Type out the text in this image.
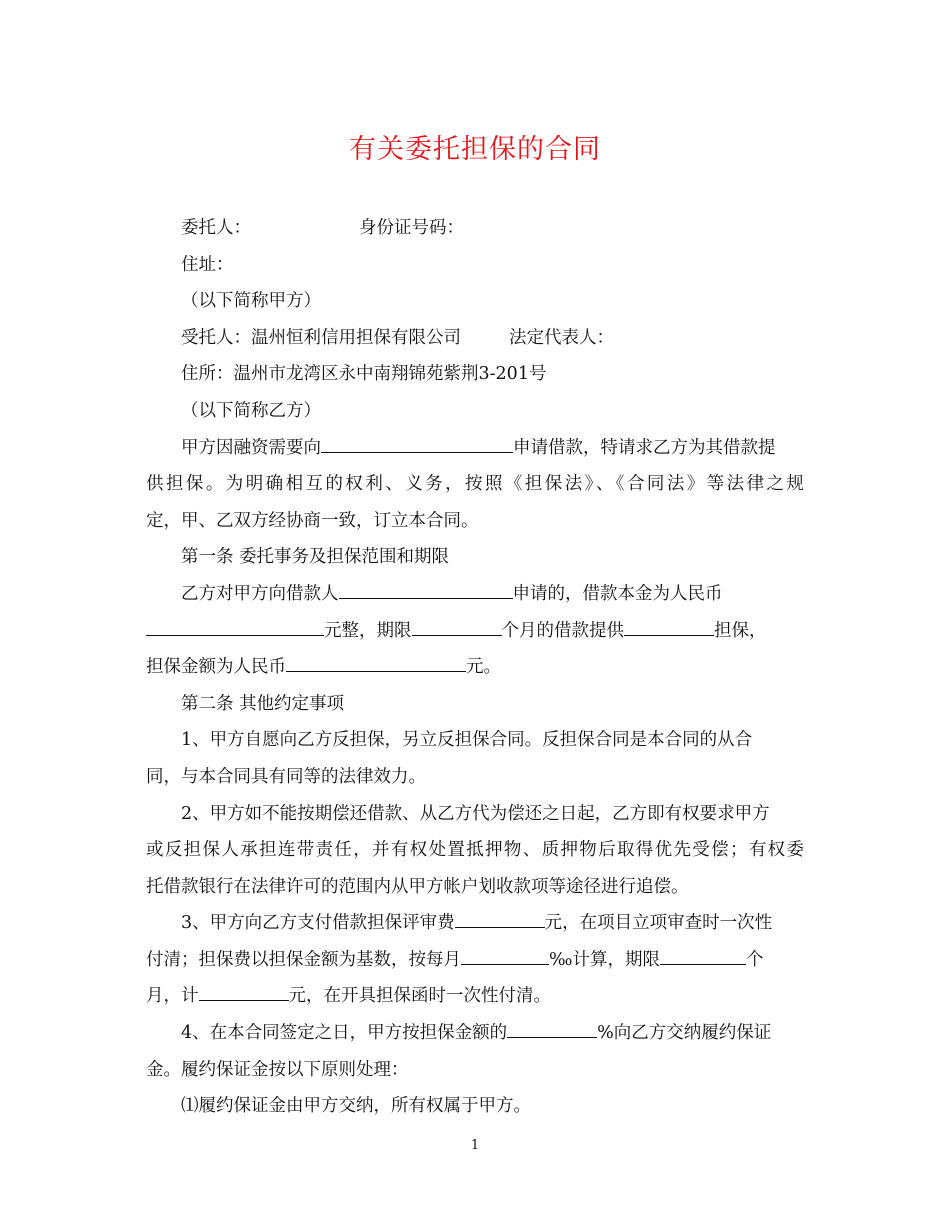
有关委托担保的合同
委托人：	身份证号码：
住址：
（以下简称甲方）
受托人：温州恒利信用担保有限公司	法定代表人：
住所：温州市龙湾区永中南翔锦苑紫荆3-201号
（以下简称乙方）
甲方因融资需要向	申请借款，特请求乙方为其借款提
供担保。为明确相互的权利、义务，按照《担保法》、《合同法》等法律之规
定，甲、乙双方经协商一致，订立本合同。
第一条 委托事务及担保范围和期限
乙方对甲方向借款人	申请的，借款本金为人民币
元整，期限	个月的借款提供	担保，
担保金额为人民币	元。
第二条 其他约定事项
1、甲方自愿向乙方反担保，另立反担保合同。反担保合同是本合同的从合
同，与本合同具有同等的法律效力。
2、甲方如不能按期偿还借款、从乙方代为偿还之日起，乙方即有权要求甲方
或反担保人承担连带责任，并有权处置抵押物、质押物后取得优先受偿；有权委
托借款银行在法律许可的范围内从甲方帐户划收款项等途径进行追偿。
3、甲方向乙方支付借款担保评审费	元，在项目立项审查时一次性
付清；担保费以担保金额为基数，按每月	‰计算，期限	个
月，计	元，在开具担保函时一次性付清。
4、在本合同签定之日，甲方按担保金额的	%向乙方交纳履约保证
金。履约保证金按以下原则处理：
⑴履约保证金由甲方交纳，所有权属于甲方。
1
